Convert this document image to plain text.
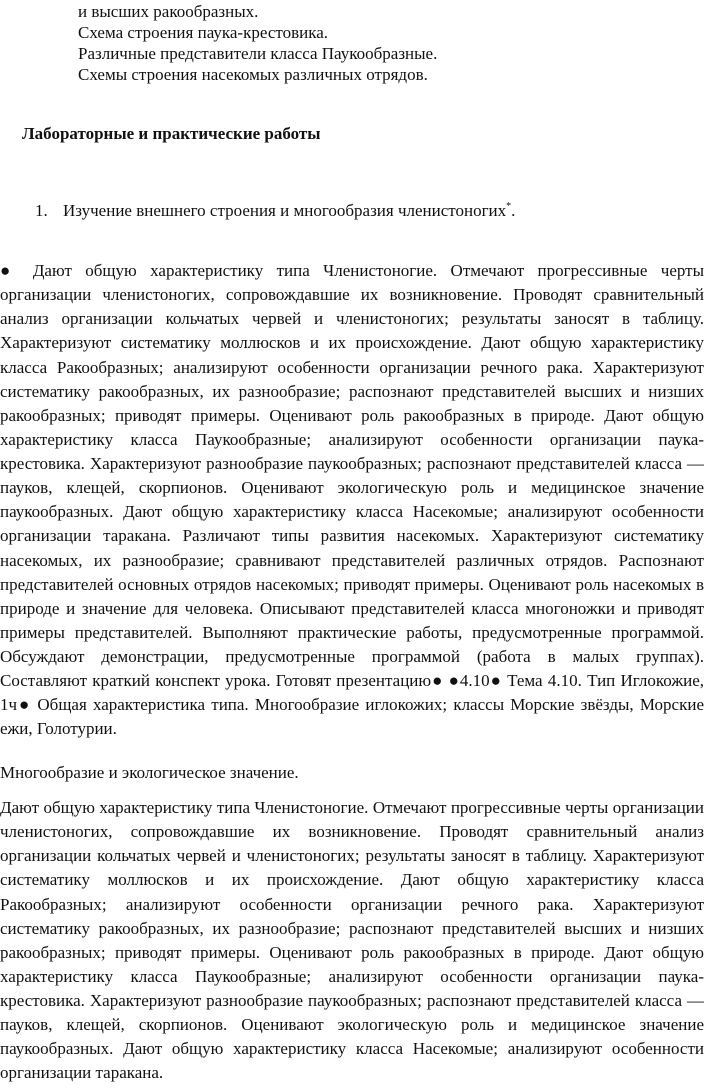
и высших ракообразных.

Схема строения паука-крестовика.

Различные представители класса Паукообразные.

Схемы строения насекомых различных отрядов.

Лабораторные и практические работы

1. Изучение внешнего строения и многообразия членистоногих*.

● Дают общую характеристику типа Членистоногие. Отмечают прогрессивные черты организации членистоногих, сопровождавшие их возникновение. Проводят сравнительный анализ организации кольчатых червей и членистоногих; результаты заносят в таблицу. Характеризуют систематику моллюсков и их происхождение. Дают общую характеристику класса Ракообразных; анализируют особенности организации речного рака. Характеризуют систематику ракообразных, их разнообразие; распознают представителей высших и низших ракообразных; приводят примеры. Оценивают роль ракообразных в природе. Дают общую характеристику класса Паукообразные; анализируют особенности организации паука-крестовика. Характеризуют разнообразие паукообразных; распознают представителей класса — пауков, клещей, скорпионов. Оценивают экологическую роль и медицинское значение паукообразных. Дают общую характеристику класса Насекомые; анализируют особенности организации таракана. Различают типы развития насекомых. Характеризуют систематику насекомых, их разнообразие; сравнивают представителей различных отрядов. Распознают представителей основных отрядов насекомых; приводят примеры. Оценивают роль насекомых в природе и значение для человека. Описывают представителей класса многоножки и приводят примеры представителей. Выполняют практические работы, предусмотренные программой. Обсуждают демонстрации, предусмотренные программой (работа в малых группах). Составляют краткий конспект урока. Готовят презентацию● ●4.10● Тема 4.10. Тип Иглокожие, 1ч● Общая характеристика типа. Многообразие иглокожих; классы Морские звёзды, Морские ежи, Голотурии.

Многообразие и экологическое значение.

Дают общую характеристику типа Членистоногие. Отмечают прогрессивные черты организации членистоногих, сопровождавшие их возникновение. Проводят сравнительный анализ организации кольчатых червей и членистоногих; результаты заносят в таблицу. Характеризуют систематику моллюсков и их происхождение. Дают общую характеристику класса Ракообразных; анализируют особенности организации речного рака. Характеризуют систематику ракообразных, их разнообразие; распознают представителей высших и низших ракообразных; приводят примеры. Оценивают роль ракообразных в природе. Дают общую характеристику класса Паукообразные; анализируют особенности организации паука-крестовика. Характеризуют разнообразие паукообразных; распознают представителей класса — пауков, клещей, скорпионов. Оценивают экологическую роль и медицинское значение паукообразных. Дают общую характеристику класса Насекомые; анализируют особенности организации таракана.
